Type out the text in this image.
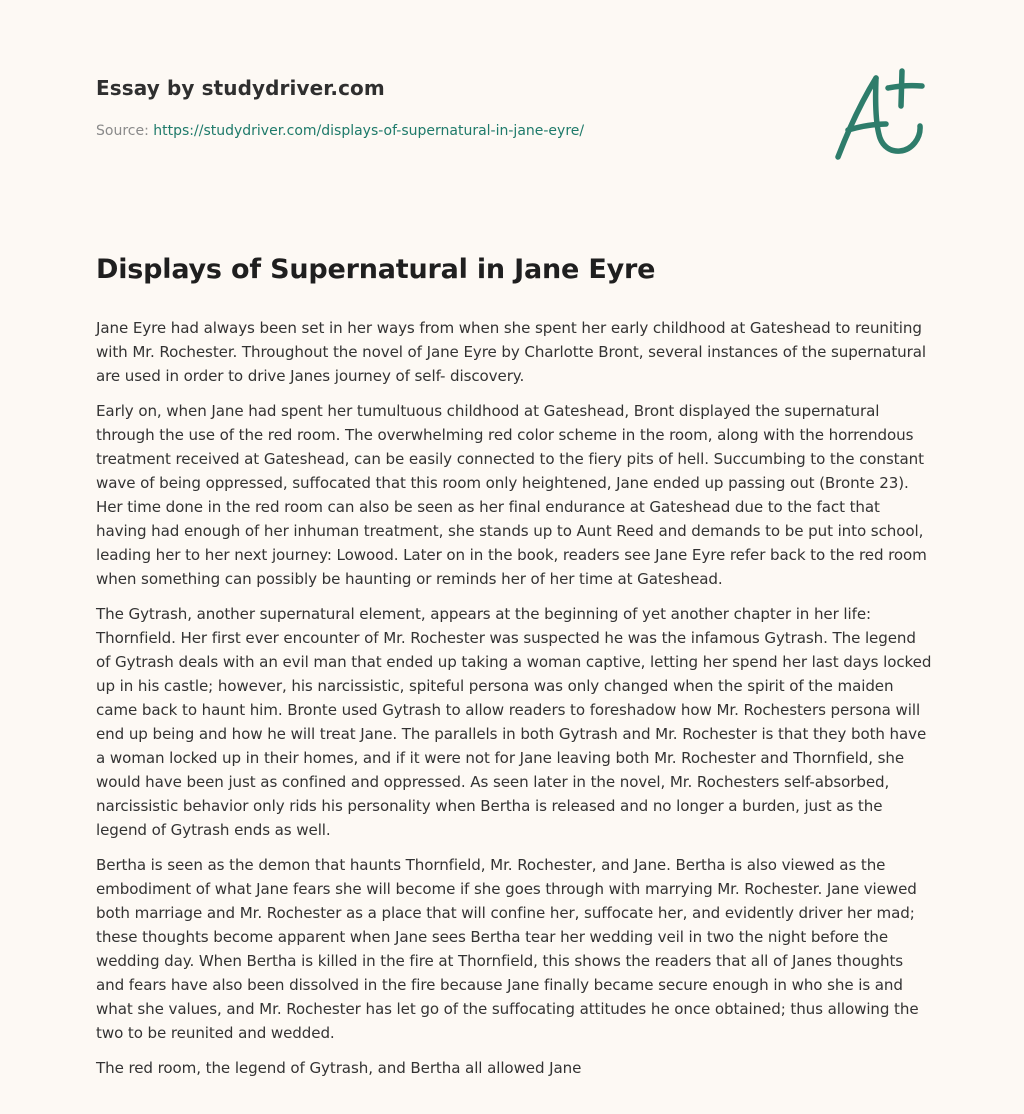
Essay by studydriver.com
Source: https://studydriver.com/displays-of-supernatural-in-jane-eyre/
Displays of Supernatural in Jane Eyre

Jane Eyre had always been set in her ways from when she spent her early childhood at Gateshead to reuniting with Mr. Rochester. Throughout the novel of Jane Eyre by Charlotte Bront, several instances of the supernatural are used in order to drive Janes journey of self- discovery.

Early on, when Jane had spent her tumultuous childhood at Gateshead, Bront displayed the supernatural through the use of the red room. The overwhelming red color scheme in the room, along with the horrendous treatment received at Gateshead, can be easily connected to the fiery pits of hell. Succumbing to the constant wave of being oppressed, suffocated that this room only heightened, Jane ended up passing out (Bronte 23). Her time done in the red room can also be seen as her final endurance at Gateshead due to the fact that having had enough of her inhuman treatment, she stands up to Aunt Reed and demands to be put into school, leading her to her next journey: Lowood. Later on in the book, readers see Jane Eyre refer back to the red room when something can possibly be haunting or reminds her of her time at Gateshead.

The Gytrash, another supernatural element, appears at the beginning of yet another chapter in her life: Thornfield. Her first ever encounter of Mr. Rochester was suspected he was the infamous Gytrash. The legend of Gytrash deals with an evil man that ended up taking a woman captive, letting her spend her last days locked up in his castle; however, his narcissistic, spiteful persona was only changed when the spirit of the maiden came back to haunt him. Bronte used Gytrash to allow readers to foreshadow how Mr. Rochesters persona will end up being and how he will treat Jane. The parallels in both Gytrash and Mr. Rochester is that they both have a woman locked up in their homes, and if it were not for Jane leaving both Mr. Rochester and Thornfield, she would have been just as confined and oppressed. As seen later in the novel, Mr. Rochesters self-absorbed, narcissistic behavior only rids his personality when Bertha is released and no longer a burden, just as the legend of Gytrash ends as well.

Bertha is seen as the demon that haunts Thornfield, Mr. Rochester, and Jane. Bertha is also viewed as the embodiment of what Jane fears she will become if she goes through with marrying Mr. Rochester. Jane viewed both marriage and Mr. Rochester as a place that will confine her, suffocate her, and evidently driver her mad; these thoughts become apparent when Jane sees Bertha tear her wedding veil in two the night before the wedding day. When Bertha is killed in the fire at Thornfield, this shows the readers that all of Janes thoughts and fears have also been dissolved in the fire because Jane finally became secure enough in who she is and what she values, and Mr. Rochester has let go of the suffocating attitudes he once obtained; thus allowing the two to be reunited and wedded.

The red room, the legend of Gytrash, and Bertha all allowed Jane
